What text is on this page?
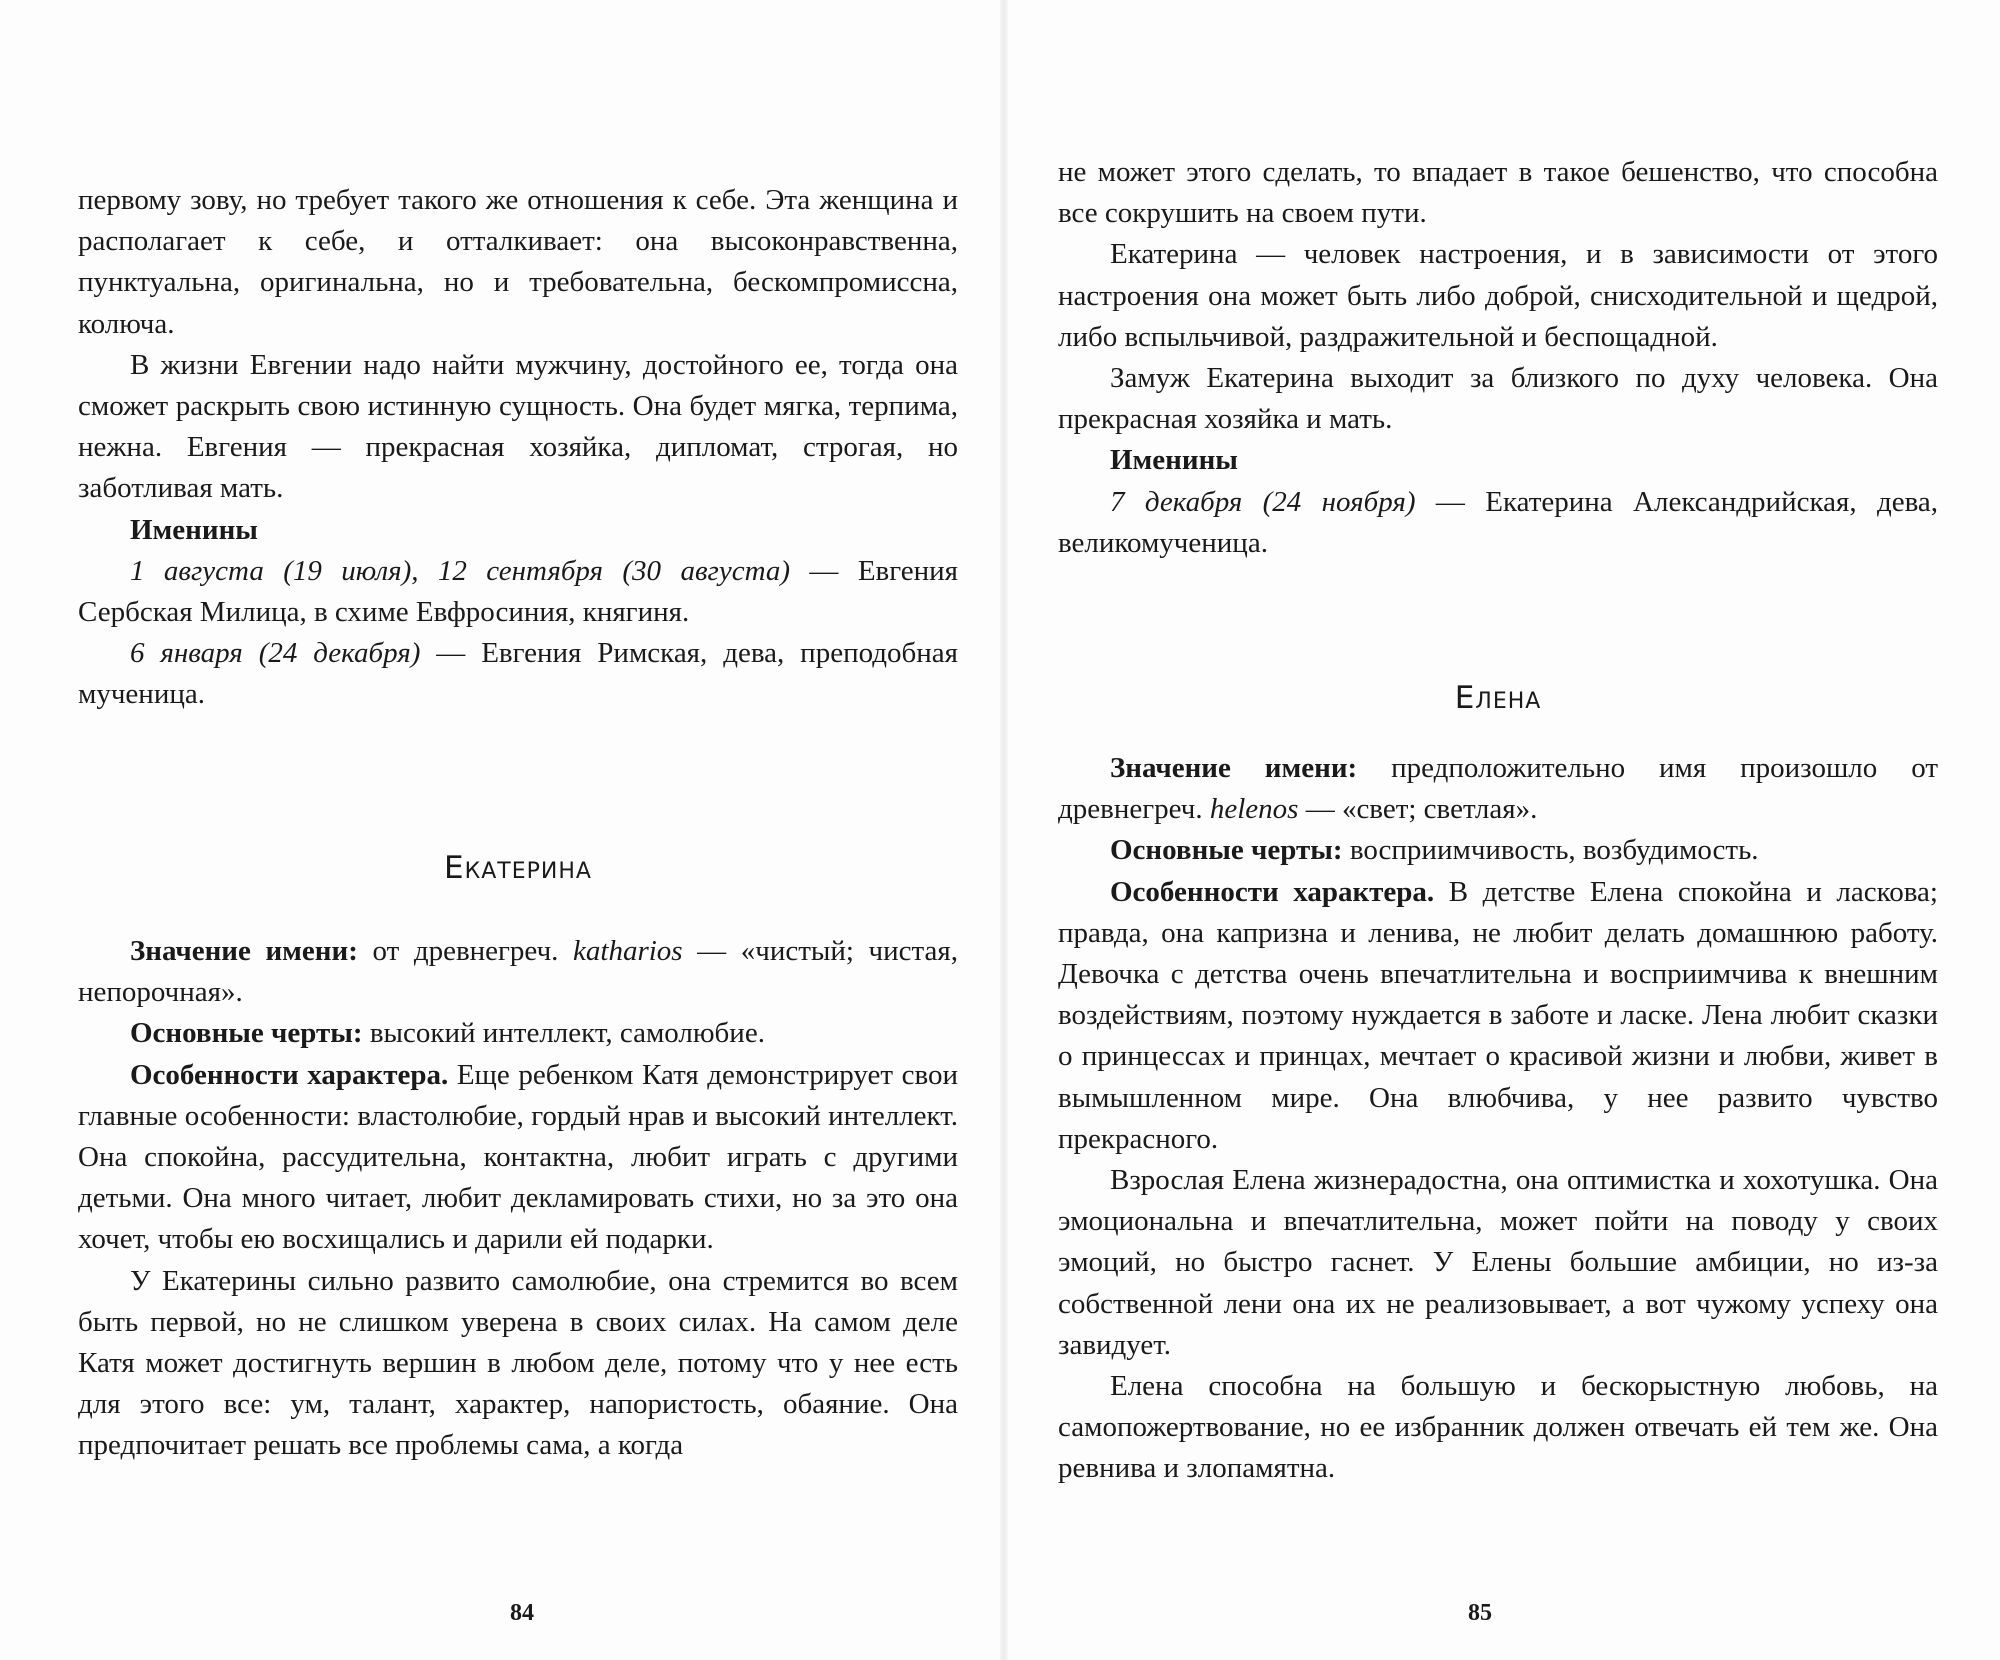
первому зову, но требует такого же отношения к себе. Эта женщина и располагает к себе, и отталкивает: она высоконравственна, пунктуальна, оригинальна, но и требовательна, бескомпромиссна, колюча.

В жизни Евгении надо найти мужчину, достойного ее, тогда она сможет раскрыть свою истинную сущность. Она будет мягка, терпима, нежна. Евгения — прекрасная хозяйка, дипломат, строгая, но заботливая мать.

Именины

1 августа (19 июля), 12 сентября (30 августа) — Евгения Сербская Милица, в схиме Евфросиния, княгиня.

6 января (24 декабря) — Евгения Римская, дева, преподобная мученица.

Екатерина

Значение имени: от древнегреч. katharios — «чистый; чистая, непорочная».

Основные черты: высокий интеллект, самолюбие.

Особенности характера. Еще ребенком Катя демонстрирует свои главные особенности: властолюбие, гордый нрав и высокий интеллект. Она спокойна, рассудительна, контактна, любит играть с другими детьми. Она много читает, любит декламировать стихи, но за это она хочет, чтобы ею восхищались и дарили ей подарки.

У Екатерины сильно развито самолюбие, она стремится во всем быть первой, но не слишком уверена в своих силах. На самом деле Катя может достигнуть вершин в любом деле, потому что у нее есть для этого все: ум, талант, характер, напористость, обаяние. Она предпочитает решать все проблемы сама, а когда

84

не может этого сделать, то впадает в такое бешенство, что способна все сокрушить на своем пути.

Екатерина — человек настроения, и в зависимости от этого настроения она может быть либо доброй, снисходительной и щедрой, либо вспыльчивой, раздражительной и беспощадной.

Замуж Екатерина выходит за близкого по духу человека. Она прекрасная хозяйка и мать.

Именины

7 декабря (24 ноября) — Екатерина Александрийская, дева, великомученица.

Елена

Значение имени: предположительно имя произошло от древнегреч. helenos — «свет; светлая».

Основные черты: восприимчивость, возбудимость.

Особенности характера. В детстве Елена спокойна и ласкова; правда, она капризна и ленива, не любит делать домашнюю работу. Девочка с детства очень впечатлительна и восприимчива к внешним воздействиям, поэтому нуждается в заботе и ласке. Лена любит сказки о принцессах и принцах, мечтает о красивой жизни и любви, живет в вымышленном мире. Она влюбчива, у нее развито чувство прекрасного.

Взрослая Елена жизнерадостна, она оптимистка и хохотушка. Она эмоциональна и впечатлительна, может пойти на поводу у своих эмоций, но быстро гаснет. У Елены большие амбиции, но из-за собственной лени она их не реализовывает, а вот чужому успеху она завидует.

Елена способна на большую и бескорыстную любовь, на самопожертвование, но ее избранник должен отвечать ей тем же. Она ревнива и злопамятна.

85
